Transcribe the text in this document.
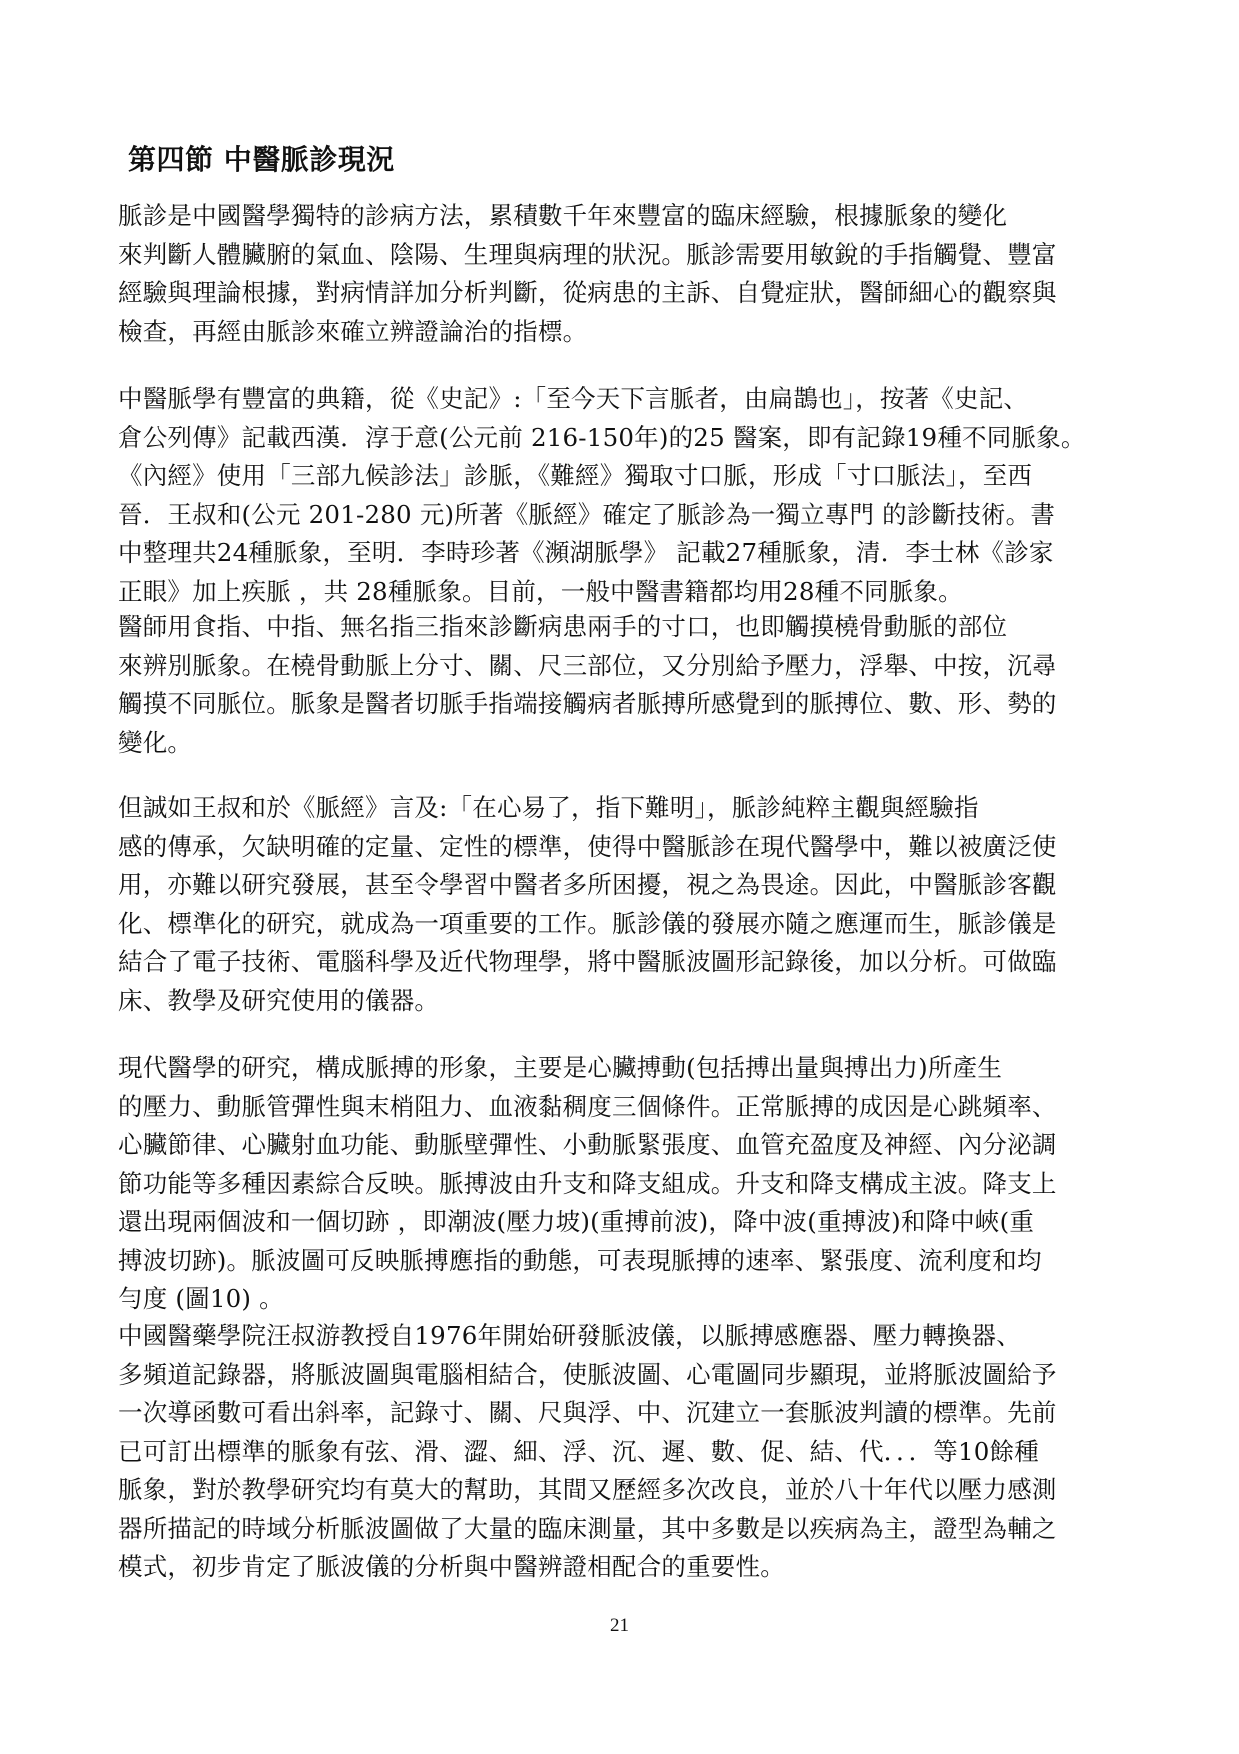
第四節 中醫脈診現況
脈診是中國醫學獨特的診病方法，累積數千年來豐富的臨床經驗，根據脈象的變化
來判斷人體臟腑的氣血、陰陽、生理與病理的狀況。脈診需要用敏銳的手指觸覺、豐富
經驗與理論根據，對病情詳加分析判斷，從病患的主訴、自覺症狀，醫師細心的觀察與
檢查，再經由脈診來確立辨證論治的指標。
中醫脈學有豐富的典籍，從《史記》:「至今天下言脈者，由扁鵲也」，按著《史記、
倉公列傳》記載西漢．淳于意(公元前 216-150年)的25 醫案，即有記錄19種不同脈象。
《內經》使用「三部九候診法」診脈，《難經》獨取寸口脈，形成「寸口脈法」，至西
晉．王叔和(公元 201-280 元)所著《脈經》確定了脈診為一獨立專門 的診斷技術。書
中整理共24種脈象，至明．李時珍著《瀕湖脈學》 記載27種脈象，清．李士林《診家
正眼》加上疾脈 ，共 28種脈象。目前，一般中醫書籍都均用28種不同脈象。
醫師用食指、中指、無名指三指來診斷病患兩手的寸口，也即觸摸橈骨動脈的部位
來辨別脈象。在橈骨動脈上分寸、關、尺三部位，又分別給予壓力，浮舉、中按，沉尋
觸摸不同脈位。脈象是醫者切脈手指端接觸病者脈搏所感覺到的脈搏位、數、形、勢的
變化。
但誠如王叔和於《脈經》言及:「在心易了，指下難明」，脈診純粹主觀與經驗指
感的傳承，欠缺明確的定量、定性的標準，使得中醫脈診在現代醫學中，難以被廣泛使
用，亦難以研究發展，甚至令學習中醫者多所困擾，視之為畏途。因此，中醫脈診客觀
化、標準化的研究，就成為一項重要的工作。脈診儀的發展亦隨之應運而生，脈診儀是
結合了電子技術、電腦科學及近代物理學，將中醫脈波圖形記錄後，加以分析。可做臨
床、教學及研究使用的儀器。
現代醫學的研究，構成脈搏的形象，主要是心臟搏動(包括搏出量與搏出力)所產生
的壓力、動脈管彈性與末梢阻力、血液黏稠度三個條件。正常脈搏的成因是心跳頻率、
心臟節律、心臟射血功能、動脈壁彈性、小動脈緊張度、血管充盈度及神經、內分泌調
節功能等多種因素綜合反映。脈搏波由升支和降支組成。升支和降支構成主波。降支上
還出現兩個波和一個切跡 ，即潮波(壓力坡)(重搏前波)，降中波(重搏波)和降中峽(重
搏波切跡)。脈波圖可反映脈搏應指的動態，可表現脈搏的速率、緊張度、流利度和均
勻度 (圖10) 。
中國醫藥學院汪叔游教授自1976年開始研發脈波儀，以脈搏感應器、壓力轉換器、
多頻道記錄器，將脈波圖與電腦相結合，使脈波圖、心電圖同步顯現，並將脈波圖給予
一次導函數可看出斜率，記錄寸、關、尺與浮、中、沉建立一套脈波判讀的標準。先前
已可訂出標準的脈象有弦、滑、澀、細、浮、沉、遲、數、促、結、代．．．等10餘種
脈象，對於教學研究均有莫大的幫助，其間又歷經多次改良，並於八十年代以壓力感測
器所描記的時域分析脈波圖做了大量的臨床測量，其中多數是以疾病為主，證型為輔之
模式，初步肯定了脈波儀的分析與中醫辨證相配合的重要性。
21
